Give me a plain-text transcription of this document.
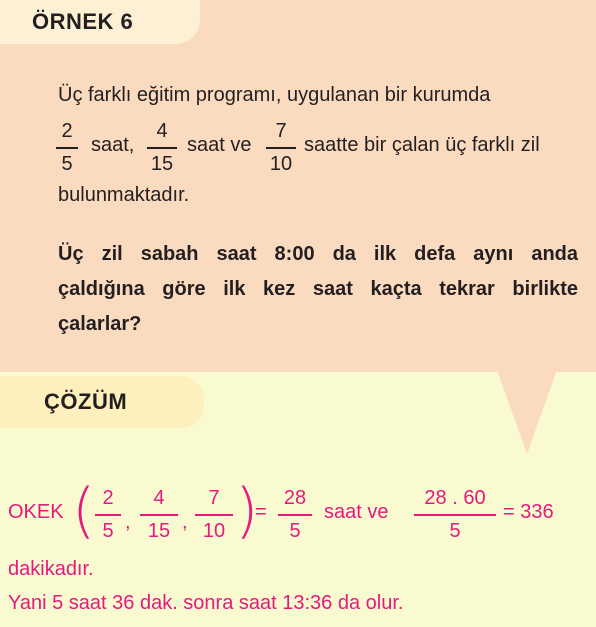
ÖRNEK 6
Üç farklı eğitim programı, uygulanan bir kurumda
2
5
saat,
4
15
saat ve
7
10
saatte bir çalan üç farklı zil
bulunmaktadır.
Üç zil sabah saat 8:00 da ilk defa aynı anda
çaldığına göre ilk kez saat kaçta tekrar birlikte
çalarlar?
ÇÖZÜM
OKEK ( 2
5 ,
4
15 ,
7
10 )
=
28
5
saat ve
28 . 60
5
= 336
dakikadır.
Yani 5 saat 36 dak. sonra saat 13:36 da olur.
